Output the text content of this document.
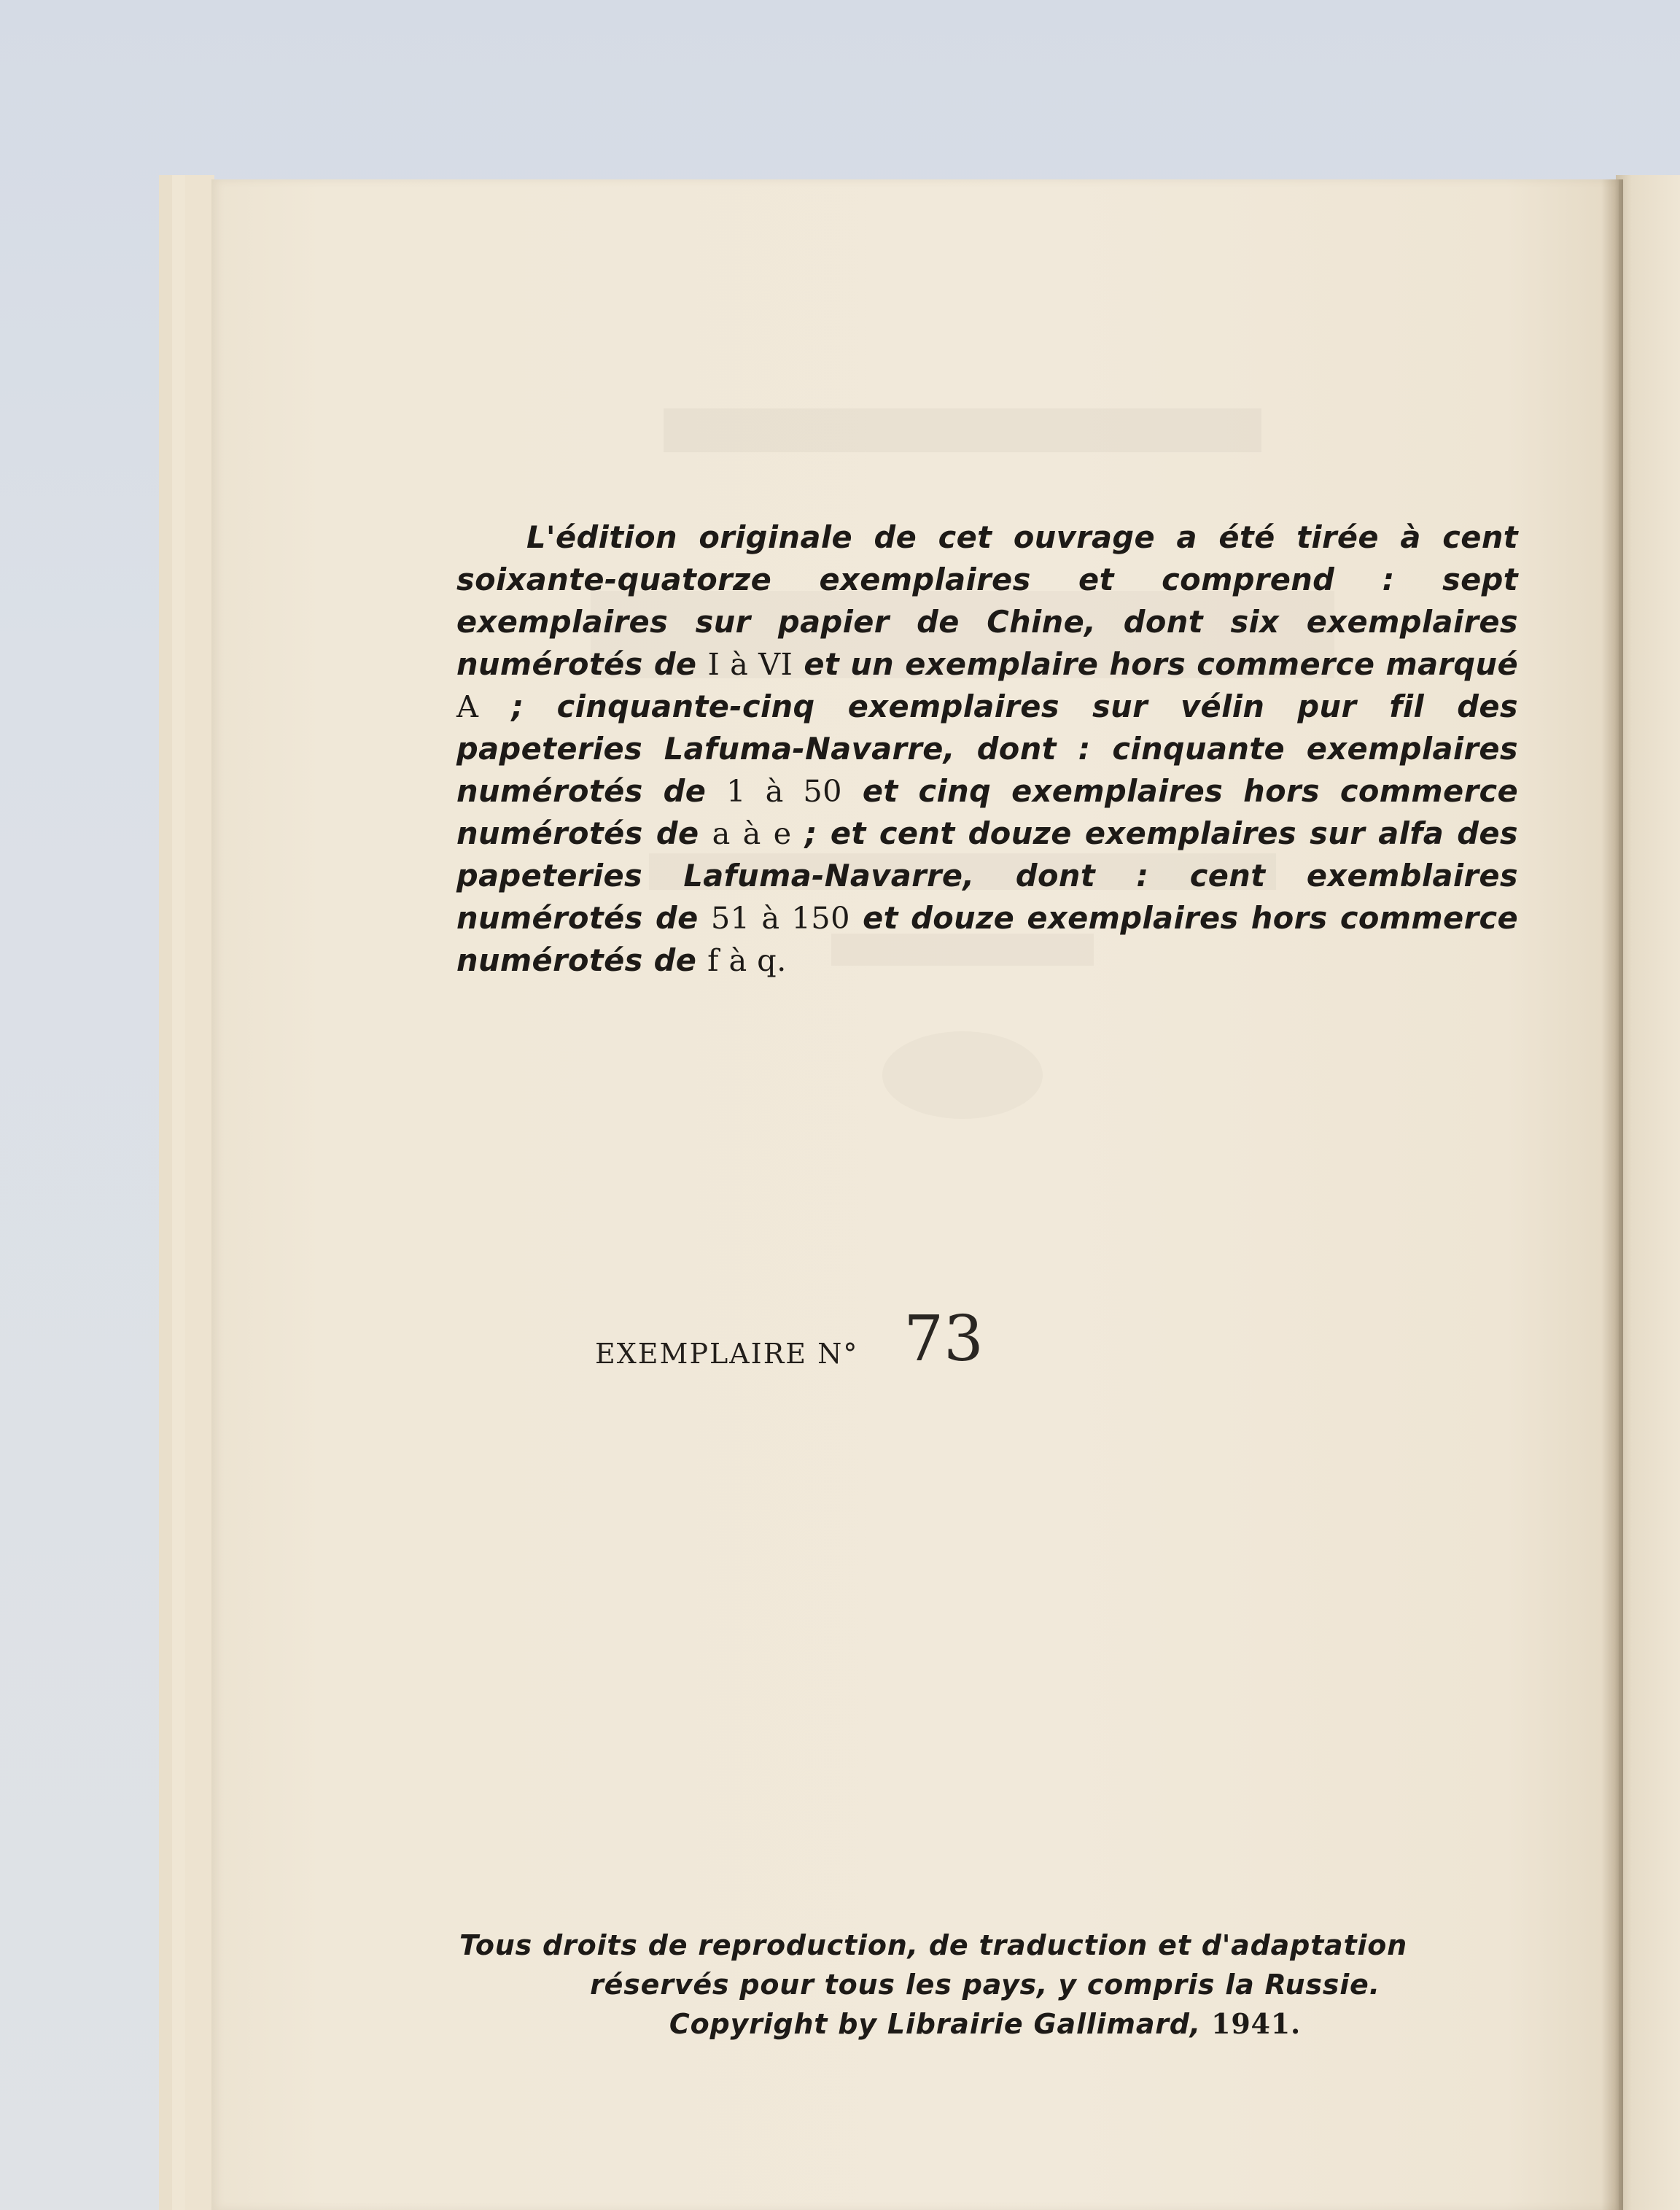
L'édition originale de cet ouvrage a été tirée à cent soixante-quatorze exemplaires et comprend : sept exemplaires sur papier de Chine, dont six exemplaires numérotés de I à VI et un exemplaire hors commerce marqué A ; cinquante-cinq exemplaires sur vélin pur fil des papeteries Lafuma-Navarre, dont : cinquante exemplaires numérotés de 1 à 50 et cinq exemplaires hors commerce numérotés de a à e ; et cent douze exemplaires sur alfa des papeteries Lafuma-Navarre, dont : cent exemblaires numérotés de 51 à 150 et douze exemplaires hors commerce numérotés de f à q.
EXEMPLAIRE N° 73
Tous droits de reproduction, de traduction et d'adaptation
réservés pour tous les pays, y compris la Russie.
Copyright by Librairie Gallimard, 1941.
